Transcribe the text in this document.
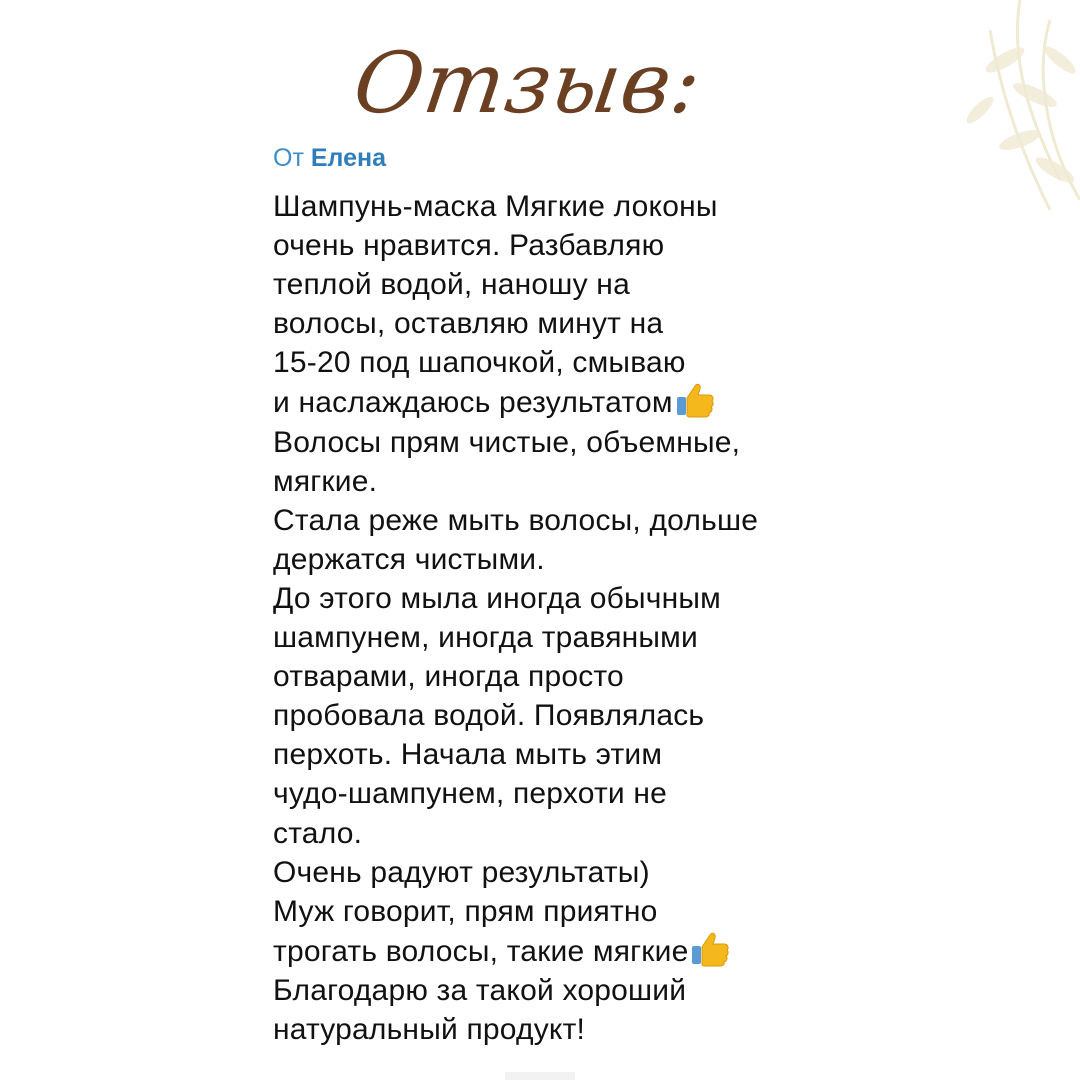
Отзыв:
От Елена
Шампунь-маска Мягкие локоны
очень нравится. Разбавляю
теплой водой, наношу на
волосы, оставляю минут на
15-20 под шапочкой, смываю
и наслаждаюсь результатом
Волосы прям чистые, объемные,
мягкие.
Стала реже мыть волосы, дольше
держатся чистыми.
До этого мыла иногда обычным
шампунем, иногда травяными
отварами, иногда просто
пробовала водой. Появлялась
перхоть. Начала мыть этим
чудо-шампунем, перхоти не
стало.
Очень радуют результаты)
Муж говорит, прям приятно
трогать волосы, такие мягкие
Благодарю за такой хороший
натуральный продукт!
